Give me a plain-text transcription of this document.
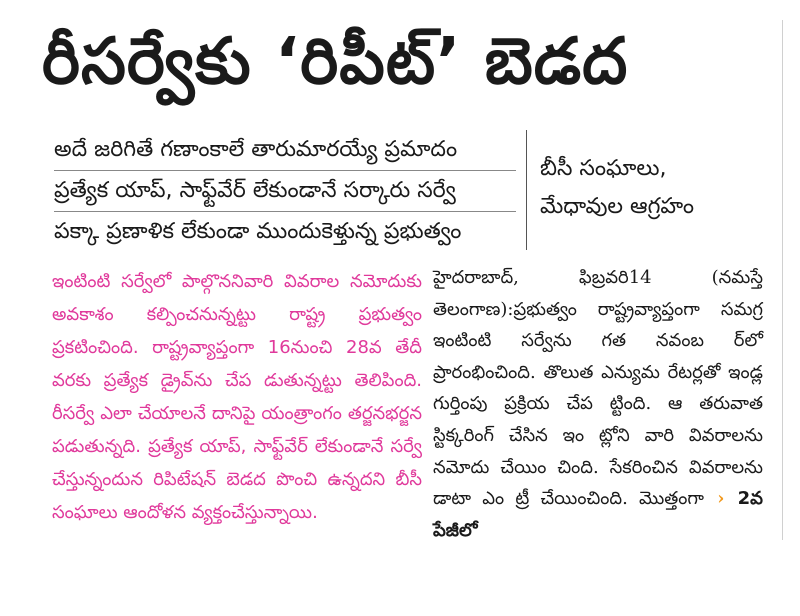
రీసర్వేకు ‘రిపీట్’ బెడద
అదే జరిగితే గణాంకాలే తారుమారయ్యే ప్రమాదం
ప్రత్యేక యాప్, సాఫ్ట్‌వేర్ లేకుండానే సర్కారు సర్వే
పక్కా ప్రణాళిక లేకుండా ముందుకెళ్తున్న ప్రభుత్వం
బీసీ సంఘాలు,
మేధావుల ఆగ్రహం
ఇంటింటి సర్వేలో పాల్గొననివారి వివరాల నమోదుకు అవకాశం కల్పించనున్నట్టు రాష్ట్ర ప్రభుత్వం ప్రకటించింది. రాష్ట్రవ్యాప్తంగా 16నుంచి 28వ తేదీ వరకు ప్రత్యేక డ్రైవ్‌ను చేప డుతున్నట్టు తెలిపింది. రీసర్వే ఎలా చేయాలనే దానిపై యంత్రాంగం తర్జనభర్జన పడుతున్నది. ప్రత్యేక యాప్, సాఫ్ట్‌వేర్ లేకుండానే సర్వే చేస్తున్నందున రిపిటేషన్ బెడద పొంచి ఉన్నదని బీసీ సంఘాలు ఆందోళన వ్యక్తంచేస్తున్నాయి.
హైదరాబాద్, ఫిబ్రవరి14 (నమస్తే తెలంగాణ):ప్రభుత్వం రాష్ట్రవ్యాప్తంగా సమగ్ర ఇంటింటి సర్వేను గత నవంబ ర్‌లో ప్రారంభించింది. తొలుత ఎన్యుమ రేటర్లతో ఇండ్ల గుర్తింపు ప్రక్రియ చేప ట్టింది. ఆ తరువాత స్టిక్కరింగ్ చేసిన ఇం ట్లోని వారి వివరాలను నమోదు చేయిం చింది. సేకరించిన వివరాలను డాటా ఎం ట్రీ చేయించింది. మొత్తంగా › 2వ పేజీలో
